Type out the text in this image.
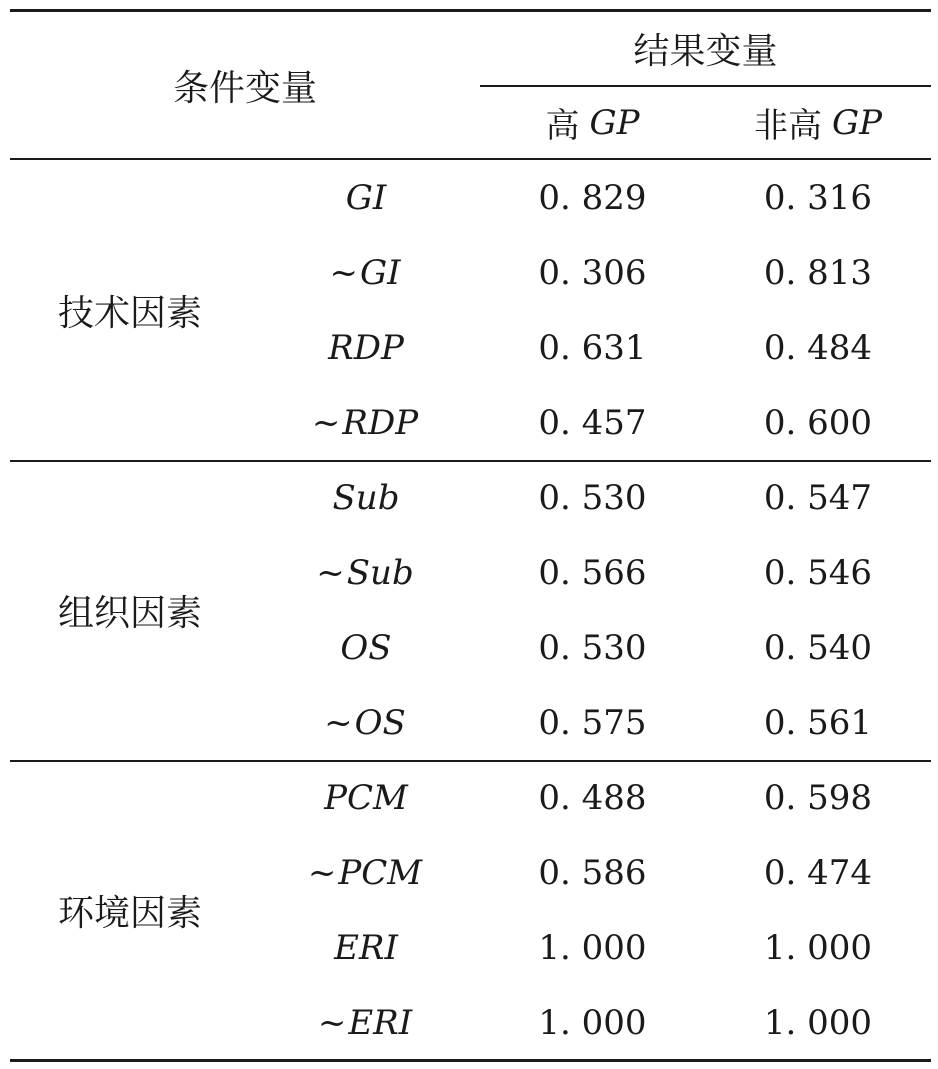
条件变量
结果变量
高 GP	非高 GP
技术因素
GI	0. 829	0. 316
~ GI	0. 306	0. 813
RDP	0. 631	0. 484
~ RDP	0. 457	0. 600
组织因素
Sub	0. 530	0. 547
~ Sub	0. 566	0. 546
OS	0. 530	0. 540
~ OS	0. 575	0. 561
环境因素
PCM	0. 488	0. 598
~ PCM	0. 586	0. 474
ERI	1. 000	1. 000
~ ERI	1. 000	1. 000
